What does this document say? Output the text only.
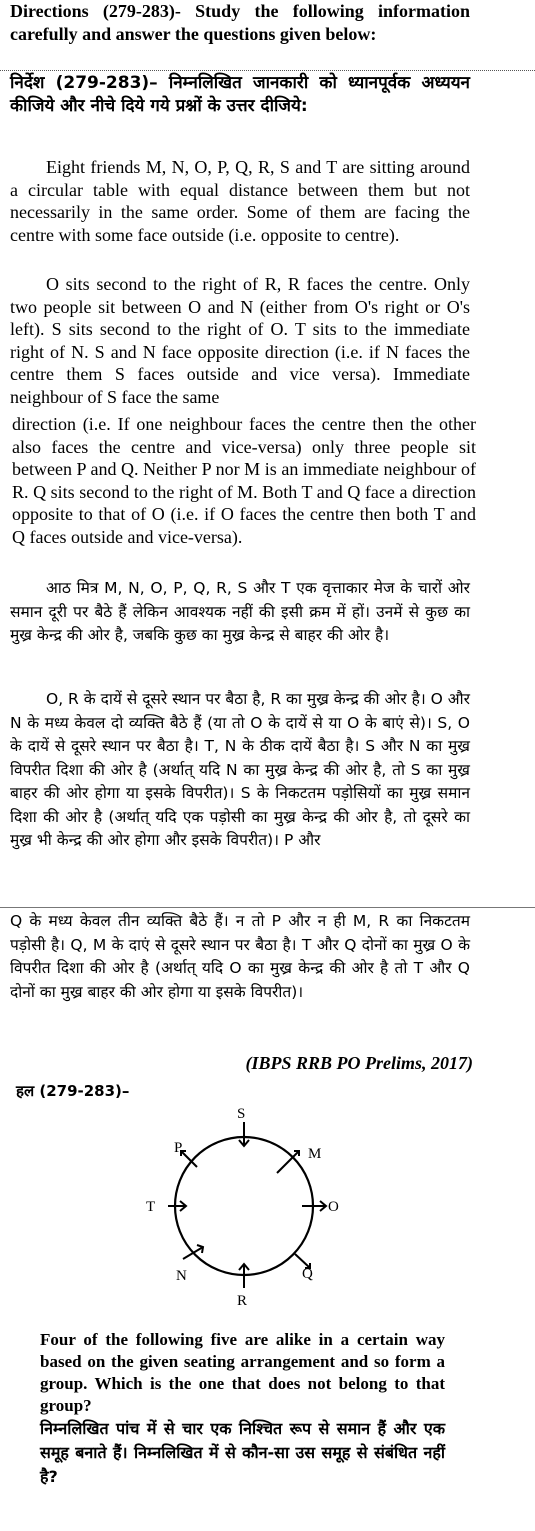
Directions (279-283)- Study the following information carefully and answer the questions given below:

निर्देश (279-283)– निम्नलिखित जानकारी को ध्यानपूर्वक अध्ययन कीजिये और नीचे दिये गये प्रश्नों के उत्तर दीजिये:

Eight friends M, N, O, P, Q, R, S and T are sitting around a circular table with equal distance between them but not necessarily in the same order. Some of them are facing the centre with some face outside (i.e. opposite to centre).

O sits second to the right of R, R faces the centre. Only two people sit between O and N (either from O's right or O's left). S sits second to the right of O. T sits to the immediate right of N. S and N face opposite direction (i.e. if N faces the centre them S faces outside and vice versa). Immediate neighbour of S face the same

direction (i.e. If one neighbour faces the centre then the other also faces the centre and vice-versa) only three people sit between P and Q. Neither P nor M is an immediate neighbour of R. Q sits second to the right of M. Both T and Q face a direction opposite to that of O (i.e. if O faces the centre then both T and Q faces outside and vice-versa).

आठ मित्र M, N, O, P, Q, R, S और T एक वृत्ताकार मेज के चारों ओर समान दूरी पर बैठे हैं लेकिन आवश्यक नहीं की इसी क्रम में हों। उनमें से कुछ का मुख्र केन्द्र की ओर है, जबकि कुछ का मुख्र केन्द्र से बाहर की ओर है।

O, R के दायें से दूसरे स्थान पर बैठा है, R का मुख्र केन्द्र की ओर है। O और N के मध्य केवल दो व्यक्ति बैठे हैं (या तो O के दायें से या O के बाएं से)। S, O के दायें से दूसरे स्थान पर बैठा है। T, N के ठीक दायें बैठा है। S और N का मुख्र विपरीत दिशा की ओर है (अर्थात् यदि N का मुख्र केन्द्र की ओर है, तो S का मुख्र बाहर की ओर होगा या इसके विपरीत)। S के निकटतम पड़ोसियों का मुख्र समान दिशा की ओर है (अर्थात् यदि एक पड़ोसी का मुख्र केन्द्र की ओर है, तो दूसरे का मुख्र भी केन्द्र की ओर होगा और इसके विपरीत)। P और

Q के मध्य केवल तीन व्यक्ति बैठे हैं। न तो P और न ही M, R का निकटतम पड़ोसी है। Q, M के दाएं से दूसरे स्थान पर बैठा है। T और Q दोनों का मुख्र O के विपरीत दिशा की ओर है (अर्थात् यदि O का मुख्र केन्द्र की ओर है तो T और Q दोनों का मुख्र बाहर की ओर होगा या इसके विपरीत)।

(IBPS RRB PO Prelims, 2017)
हल (279-283)–
S
M
O
Q
R
N
T
P

Four of the following five are alike in a certain way based on the given seating arrangement and so form a group. Which is the one that does not belong to that group?

निम्नलिखित पांच में से चार एक निश्चित रूप से समान हैं और एक समूह बनाते हैं। निम्नलिखित में से कौन-सा उस समूह से संबंधित नहीं है?
